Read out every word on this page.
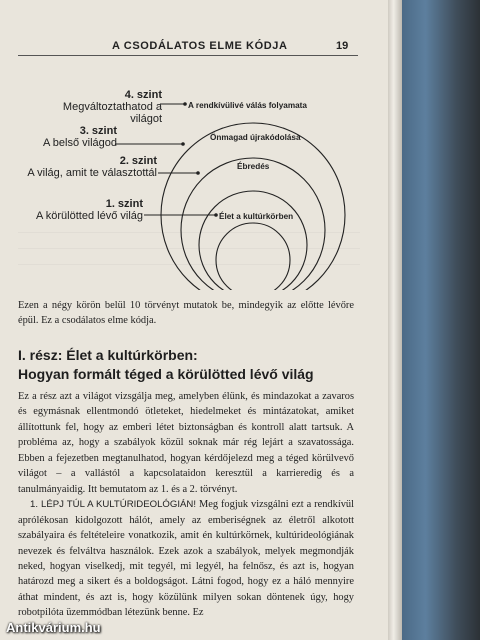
A CSODÁLATOS ELME KÓDJA	19
A rendkívülivé válás folyamata
Önmagad újrakódolása
Ébredés
Élet a kultúrkörben
4. szint
Megváltoztathatod a világot
3. szint
A belső világod
2. szint
A világ, amit te választottál
1. szint
A körülötted lévő világ
Ezen a négy körön belül 10 törvényt mutatok be, mindegyik az előtte lévőre épül. Ez a csodálatos elme kódja.
I. rész: Élet a kultúrkörben:
Hogyan formált téged a körülötted lévő világ

Ez a rész azt a világot vizsgálja meg, amelyben élünk, és mindazokat a zavaros és egymásnak ellentmondó ötleteket, hiedelmeket és mintázatokat, amiket állítottunk fel, hogy az emberi létet biztonságban és kontroll alatt tartsuk. A probléma az, hogy a szabályok közül soknak már rég lejárt a szavatossága. Ebben a fejezetben megtanulhatod, hogyan kérdőjelezd meg a téged körülvevő világot – a vallástól a kapcsolataidon keresztül a karrieredig és a tanulmányaidig. Itt bemutatom az 1. és a 2. törvényt.

1. LÉPJ TÚL A KULTÚRIDEOLÓGIÁN! Meg fogjuk vizsgálni ezt a rendkívül aprólékosan kidolgozott hálót, amely az emberiségnek az életről alkotott szabályaira és feltételeire vonatkozik, amit én kultúrkörnek, kultúrideológiának nevezek és felváltva használok. Ezek azok a szabályok, melyek megmondják neked, hogyan viselkedj, mit tegyél, mi legyél, ha felnősz, és azt is, hogyan határozd meg a sikert és a boldogságot. Látni fogod, hogy ez a háló mennyire áthat mindent, és azt is, hogy közülünk milyen sokan döntenek úgy, hogy robotpilóta üzemmódban létezünk benne. Ez

Antikvárium.hu
